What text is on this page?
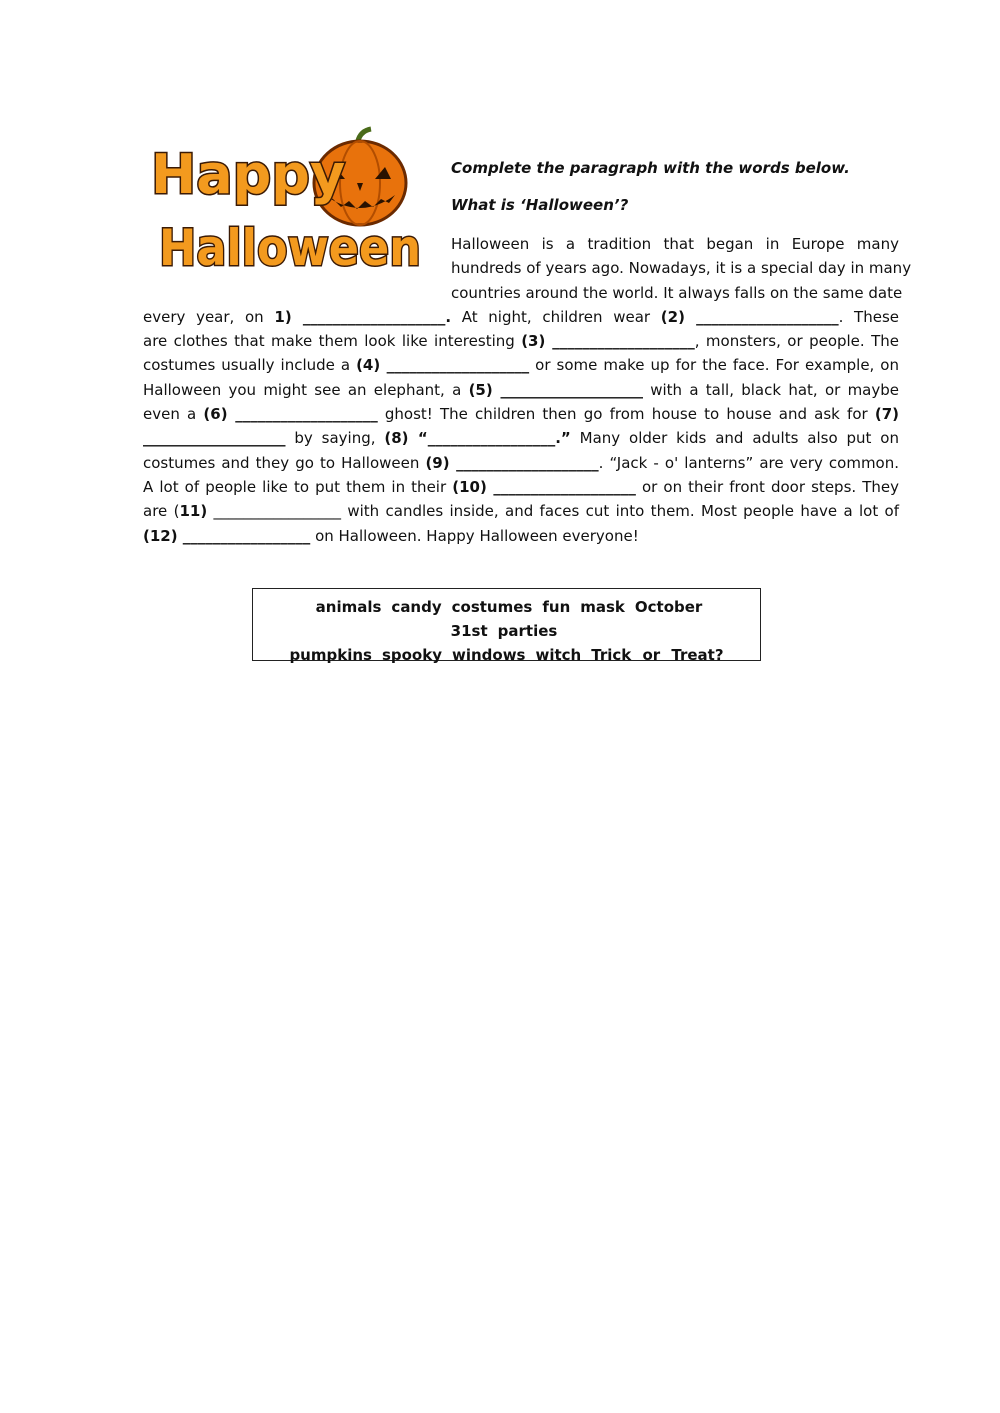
Happy
Halloween

Complete the paragraph with the words below.

What is ‘Halloween’?

Halloween is a tradition that began in Europe many
hundreds of years ago. Nowadays, it is a special day in many
countries around the world. It always falls on the same date
every year, on 1) ___________________. At night, children wear (2) ___________________. These
are clothes that make them look like interesting (3) ___________________, monsters, or people. The
costumes usually include a (4) ___________________ or some make up for the face. For example, on
Halloween you might see an elephant, a (5) ___________________ with a tall, black hat, or maybe
even a (6) ___________________ ghost! The children then go from house to house and ask for (7)
___________________ by saying, (8) “_________________.” Many older kids and adults also put on
costumes and they go to Halloween (9) ___________________. “Jack - o' lanterns” are very common.
A lot of people like to put them in their (10) ___________________ or on their front door steps. They
are (11) _________________ with candles inside, and faces cut into them. Most people have a lot of
(12) _________________ on Halloween. Happy Halloween everyone!
animals candy costumes fun mask October 31st parties
pumpkins spooky windows witch Trick or Treat?
